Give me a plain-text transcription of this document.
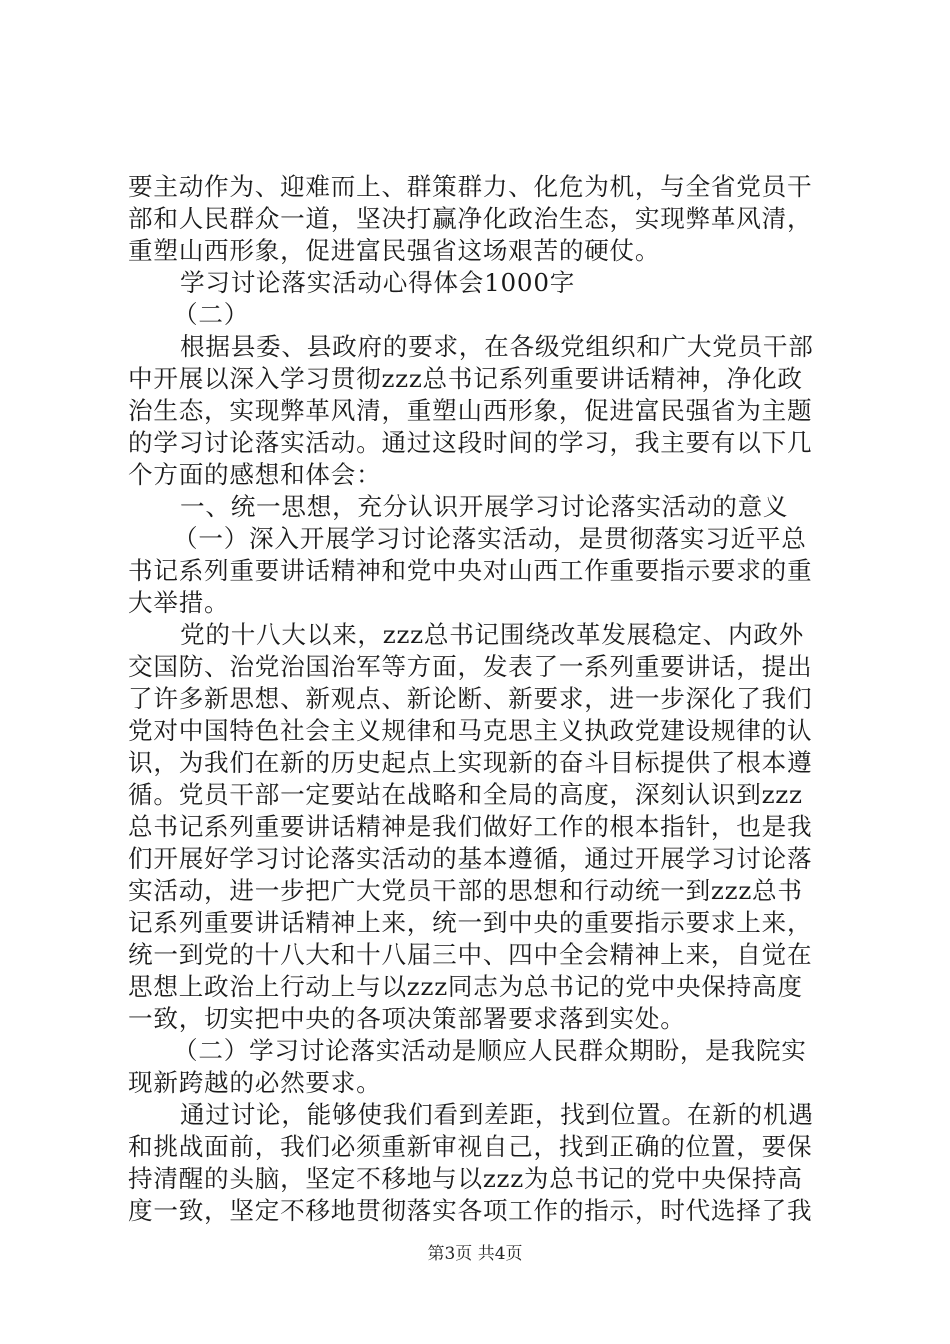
要主动作为、迎难而上、群策群力、化危为机，与全省党员干
部和人民群众一道，坚决打赢净化政治生态，实现弊革风清，
重塑山西形象，促进富民强省这场艰苦的硬仗。
学习讨论落实活动心得体会1000字
（二）
根据县委、县政府的要求，在各级党组织和广大党员干部
中开展以深入学习贯彻zzz总书记系列重要讲话精神，净化政
治生态，实现弊革风清，重塑山西形象，促进富民强省为主题
的学习讨论落实活动。通过这段时间的学习，我主要有以下几
个方面的感想和体会：
一、统一思想，充分认识开展学习讨论落实活动的意义
（一）深入开展学习讨论落实活动，是贯彻落实习近平总
书记系列重要讲话精神和党中央对山西工作重要指示要求的重
大举措。
党的十八大以来，zzz总书记围绕改革发展稳定、内政外
交国防、治党治国治军等方面，发表了一系列重要讲话，提出
了许多新思想、新观点、新论断、新要求，进一步深化了我们
党对中国特色社会主义规律和马克思主义执政党建设规律的认
识，为我们在新的历史起点上实现新的奋斗目标提供了根本遵
循。党员干部一定要站在战略和全局的高度，深刻认识到zzz
总书记系列重要讲话精神是我们做好工作的根本指针，也是我
们开展好学习讨论落实活动的基本遵循，通过开展学习讨论落
实活动，进一步把广大党员干部的思想和行动统一到zzz总书
记系列重要讲话精神上来，统一到中央的重要指示要求上来，
统一到党的十八大和十八届三中、四中全会精神上来，自觉在
思想上政治上行动上与以zzz同志为总书记的党中央保持高度
一致，切实把中央的各项决策部署要求落到实处。
（二）学习讨论落实活动是顺应人民群众期盼，是我院实
现新跨越的必然要求。
通过讨论，能够使我们看到差距，找到位置。在新的机遇
和挑战面前，我们必须重新审视自己，找到正确的位置，要保
持清醒的头脑，坚定不移地与以zzz为总书记的党中央保持高
度一致，坚定不移地贯彻落实各项工作的指示，时代选择了我
第3页 共4页
